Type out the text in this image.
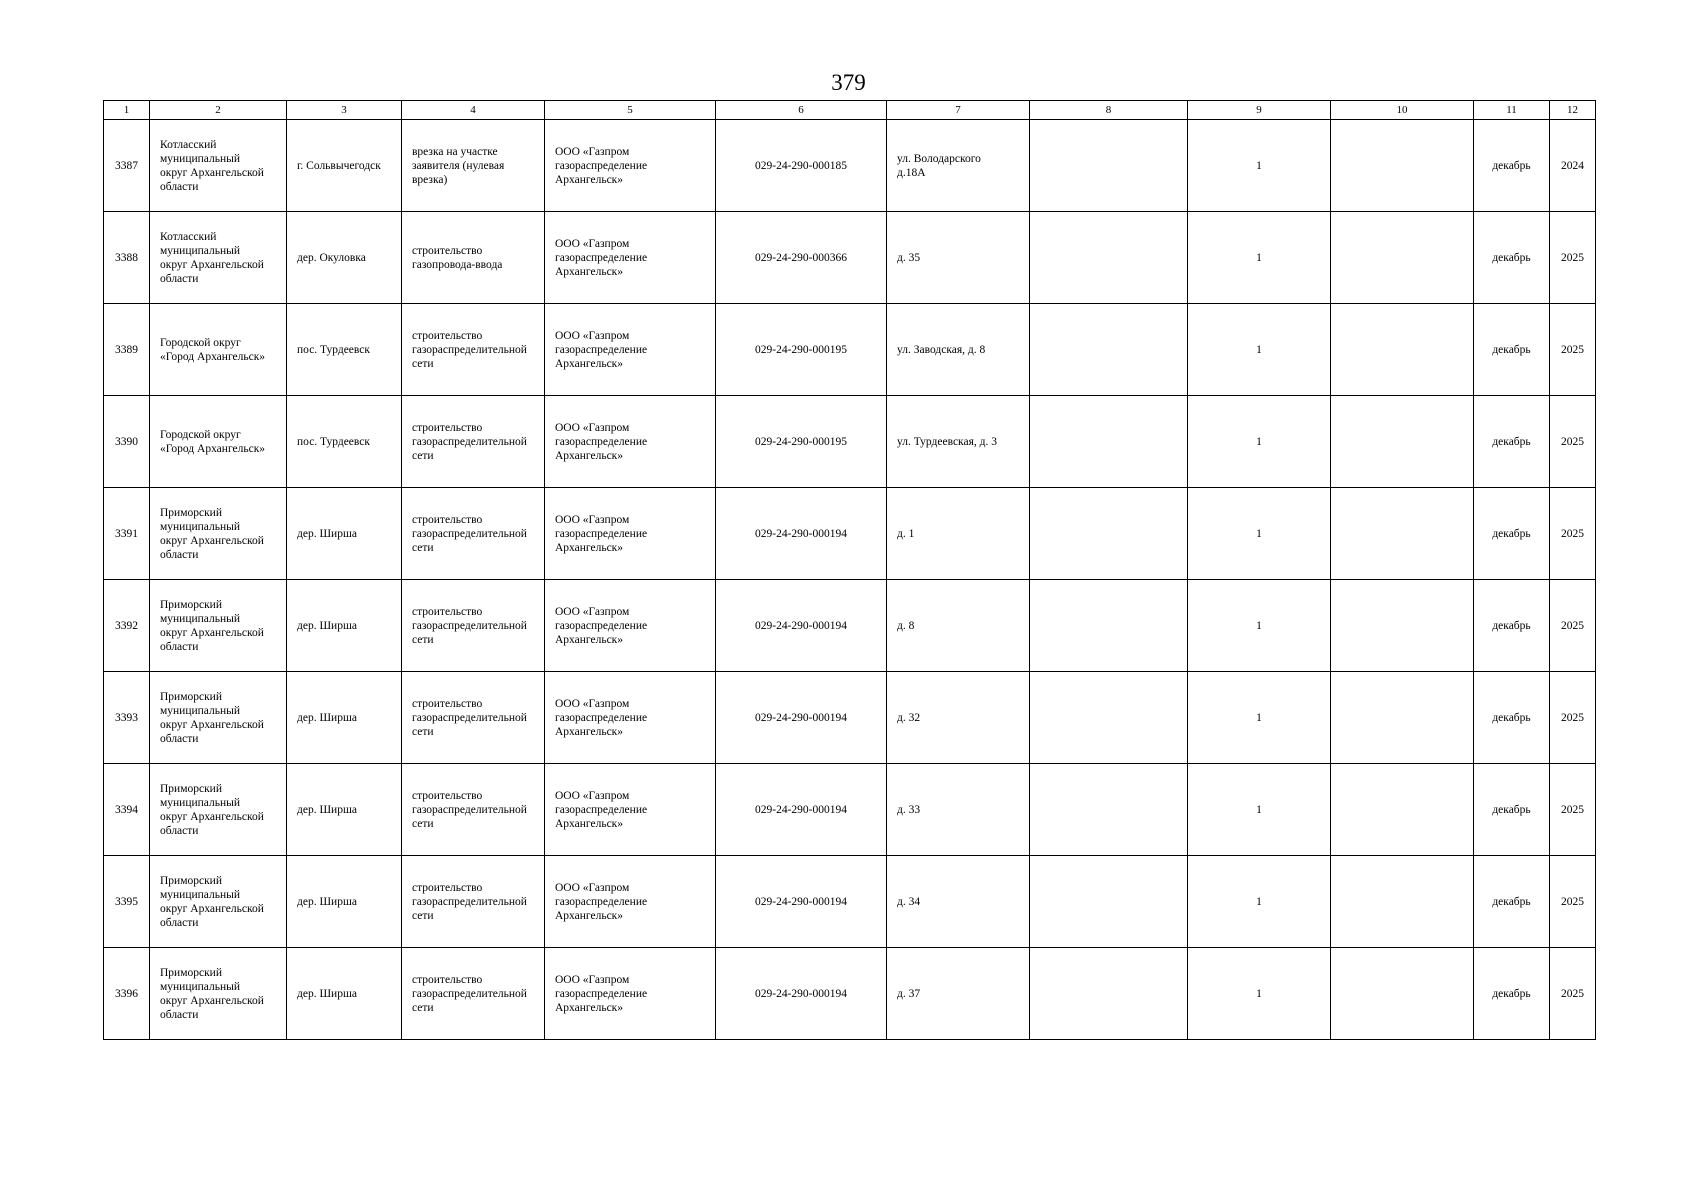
379
1	2	3	4	5	6	7	8	9	10	11	12
3387	Котласский
муниципальный
округ Архангельской
области	г. Сольвычегодск	врезка на участке
заявителя (нулевая
врезка)	ООО «Газпром
газораспределение
Архангельск»	029-24-290-000185	ул. Володарского
д.18А		1		декабрь	2024
3388	Котласский
муниципальный
округ Архангельской
области	дер. Окуловка	строительство
газопровода-ввода	ООО «Газпром
газораспределение
Архангельск»	029-24-290-000366	д. 35		1		декабрь	2025
3389	Городской округ
«Город Архангельск»	пос. Турдеевск	строительство
газораспределительной
сети	ООО «Газпром
газораспределение
Архангельск»	029-24-290-000195	ул. Заводская, д. 8		1		декабрь	2025
3390	Городской округ
«Город Архангельск»	пос. Турдеевск	строительство
газораспределительной
сети	ООО «Газпром
газораспределение
Архангельск»	029-24-290-000195	ул. Турдеевская, д. 3		1		декабрь	2025
3391	Приморский
муниципальный
округ Архангельской
области	дер. Ширша	строительство
газораспределительной
сети	ООО «Газпром
газораспределение
Архангельск»	029-24-290-000194	д. 1		1		декабрь	2025
3392	Приморский
муниципальный
округ Архангельской
области	дер. Ширша	строительство
газораспределительной
сети	ООО «Газпром
газораспределение
Архангельск»	029-24-290-000194	д. 8		1		декабрь	2025
3393	Приморский
муниципальный
округ Архангельской
области	дер. Ширша	строительство
газораспределительной
сети	ООО «Газпром
газораспределение
Архангельск»	029-24-290-000194	д. 32		1		декабрь	2025
3394	Приморский
муниципальный
округ Архангельской
области	дер. Ширша	строительство
газораспределительной
сети	ООО «Газпром
газораспределение
Архангельск»	029-24-290-000194	д. 33		1		декабрь	2025
3395	Приморский
муниципальный
округ Архангельской
области	дер. Ширша	строительство
газораспределительной
сети	ООО «Газпром
газораспределение
Архангельск»	029-24-290-000194	д. 34		1		декабрь	2025
3396	Приморский
муниципальный
округ Архангельской
области	дер. Ширша	строительство
газораспределительной
сети	ООО «Газпром
газораспределение
Архангельск»	029-24-290-000194	д. 37		1		декабрь	2025
